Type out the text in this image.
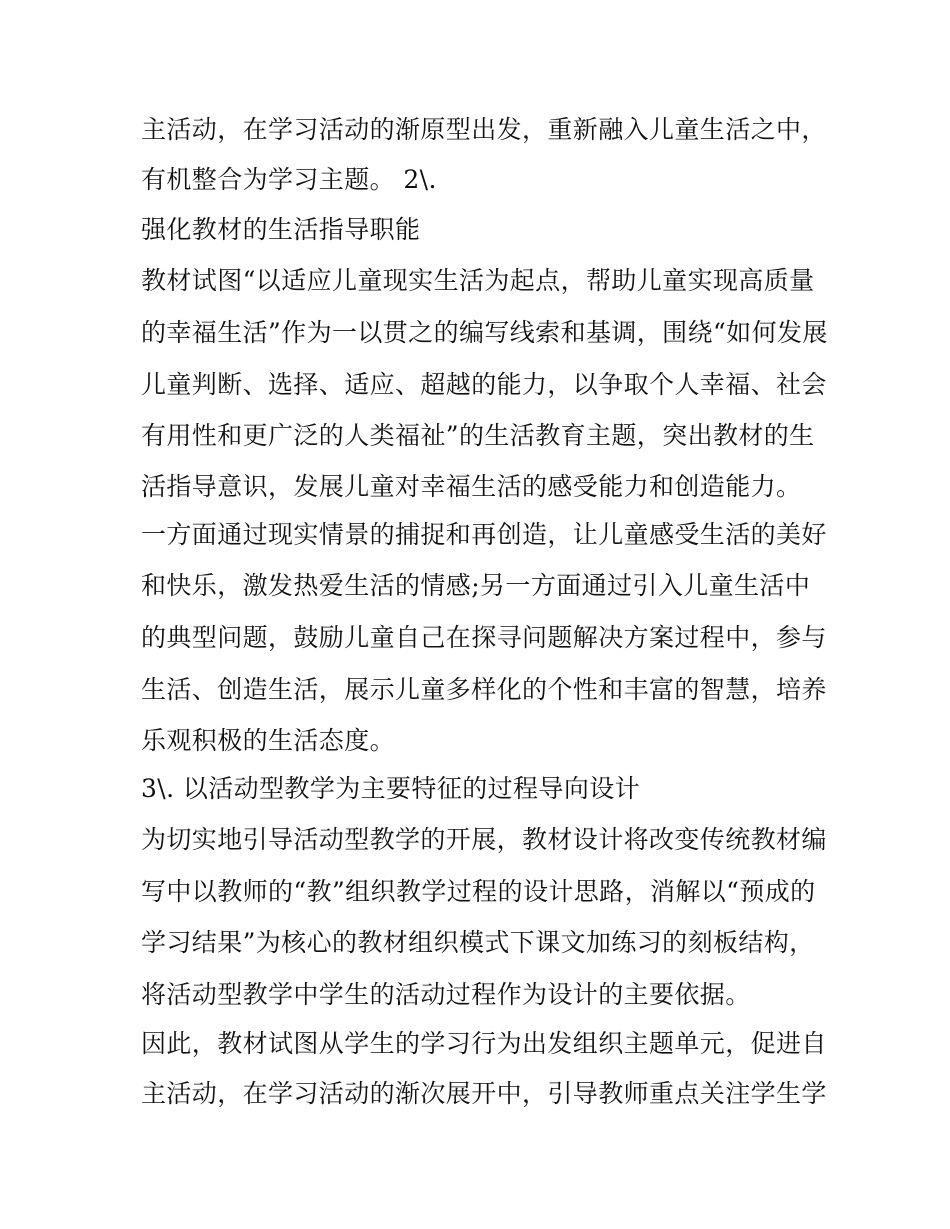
主活动，在学习活动的渐原型出发，重新融入儿童生活之中，
有机整合为学习主题。 2\.
强化教材的生活指导职能
教材试图“以适应儿童现实生活为起点，帮助儿童实现高质量
的幸福生活”作为一以贯之的编写线索和基调，围绕“如何发展
儿童判断、选择、适应、超越的能力，以争取个人幸福、社会
有用性和更广泛的人类福祉”的生活教育主题，突出教材的生
活指导意识，发展儿童对幸福生活的感受能力和创造能力。
一方面通过现实情景的捕捉和再创造，让儿童感受生活的美好
和快乐，激发热爱生活的情感;另一方面通过引入儿童生活中
的典型问题，鼓励儿童自己在探寻问题解决方案过程中，参与
生活、创造生活，展示儿童多样化的个性和丰富的智慧，培养
乐观积极的生活态度。
3\. 以活动型教学为主要特征的过程导向设计
为切实地引导活动型教学的开展，教材设计将改变传统教材编
写中以教师的“教”组织教学过程的设计思路，消解以“预成的
学习结果”为核心的教材组织模式下课文加练习的刻板结构，
将活动型教学中学生的活动过程作为设计的主要依据。
因此，教材试图从学生的学习行为出发组织主题单元，促进自
主活动，在学习活动的渐次展开中，引导教师重点关注学生学
